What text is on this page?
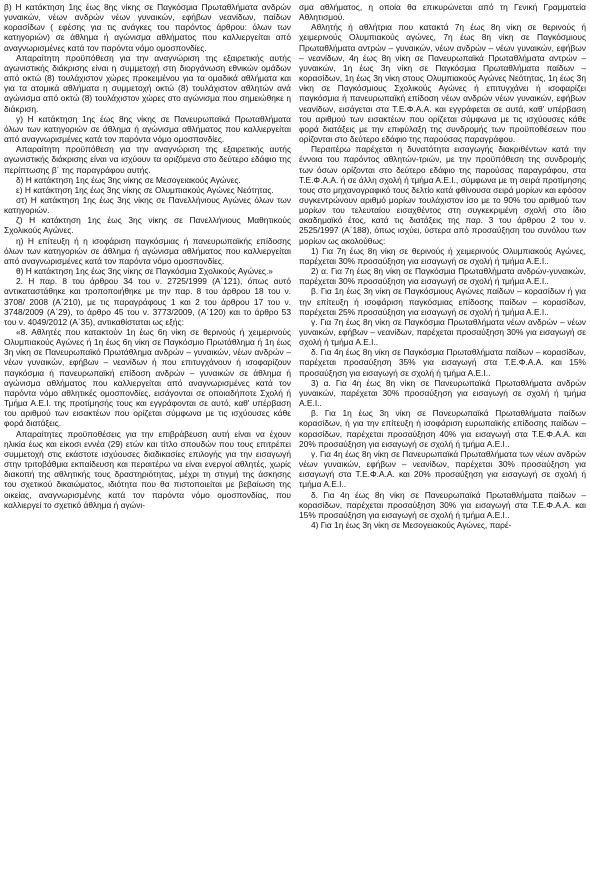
β) Η κατάκτηση 1ης έως 8ης νίκης σε Παγκόσμια Πρωταθλήματα ανδρών γυναικών, νέων ανδρών νέων γυναικών, εφήβων νεανίδων, παίδων κορασίδων ( εφέσης για τις ανάγκες του παρόντος άρθρου: όλων των κατηγοριών) σε άθλημα ή αγώνισμα αθλήματος που καλλιεργείται από αναγνωρισμένες κατά τον παρόντα νόμο ομοσπονδίες.

Απαραίτητη προϋπόθεση για την αναγνώριση της εξαιρετικής αυτής αγωνιστικής διάκρισης είναι η συμμετοχή στη διοργάνωση εθνικών ομάδων από οκτώ (8) τουλάχιστον χώρες προκειμένου για τα ομαδικά αθλήματα και για τα ατομικά αθλήματα η συμμετοχή οκτώ (8) τουλάχιστον αθλητών ανά αγώνισμα από οκτώ (8) τουλάχιστον χώρες στο αγώνισμα που σημειώθηκε η διάκριση.

γ) Η κατάκτηση 1ης έως 8ης νίκης σε Πανευρωπαϊκά Πρωταθλήματα όλων των κατηγοριών σε άθλημα ή αγώνισμα αθλήματος που καλλιεργείται από αναγνωρισμένες κατά τον παρόντα νόμο ομοσπονδίες.

Απαραίτητη προϋπόθεση για την αναγνώριση της εξαιρετικής αυτής αγωνιστικής διάκρισης είναι να ισχύουν τα οριζόμενα στο δεύτερο εδάφιο της περίπτωσης β΄ της παραγράφου αυτής.

δ) Η κατάκτηση 1ης έως 3ης νίκης σε Μεσογειακούς Αγώνες.

ε) Η κατάκτηση 1ης έως 3ης νίκης σε Ολυμπιακούς Αγώνες Νεότητας.

στ) Η κατάκτηση 1ης έως 3ης νίκης σε Πανελλήνιους Αγώνες όλων των κατηγοριών.

ζ) Η κατάκτηση 1ης έως 3ης νίκης σε Πανελλήνιους Μαθητικούς Σχολικούς Αγώνες.

η) Η επίτευξη ή η ισοφάριση παγκόσμιας ή πανευρωπαϊκής επίδοσης όλων των κατηγοριών σε άθλημα ή αγώνισμα αθλήματος που καλλιεργείται από αναγνωρισμένες κατά τον παρόντα νόμο ομοσπονδίες.

θ) Η κατάκτηση 1ης έως 3ης νίκης σε Παγκόσμια Σχολικούς Αγώνες.»

2. Η παρ. 8 του άρθρου 34 του ν. 2725/1999 (Α΄121), όπως αυτό αντικαταστάθηκε και τροποποιήθηκε με την παρ. 8 του άρθρου 18 του ν. 3708/ 2008 (Α΄210), με τις παραγράφους 1 και 2 του άρθρου 17 του ν. 3748/2009 (Α΄29), το άρθρο 45 του ν. 3773/2009, (Α΄120) και το άρθρο 53 του ν. 4049/2012 (Α΄35), αντικαθίσταται ως εξής:

«8. Αθλητές που κατακτούν 1η έως 6η νίκη σε θερινούς ή χειμερινούς Ολυμπιακούς Αγώνες ή 1η έως 6η νίκη σε Παγκόσμιο Πρωτάθλημα ή 1η έως 3η νίκη σε Πανευρωπαϊκό Πρωτάθλημα ανδρών – γυναικών, νέων ανδρών – νέων γυναικών, εφήβων – νεανίδων ή που επιτυγχάνουν ή ισοφαρίζουν παγκόσμια ή πανευρωπαϊκή επίδοση ανδρών – γυναικών σε άθλημα ή αγώνισμα αθλήματος που καλλιεργείται από αναγνωρισμένες κατά τον παρόντα νόμο αθλητικές ομοσπονδίες, εισάγονται σε οποιαδήποτε Σχολή ή Τμήμα Α.Ε.Ι. της προτίμησής τους και εγγράφονται σε αυτό, καθ' υπέρβαση του αριθμού των εισακτέων που ορίζεται σύμφωνα με τις ισχύουσες κάθε φορά διατάξεις.

Απαραίτητες προϋποθέσεις για την επιβράβευση αυτή είναι να έχουν ηλικία έως και είκοσι εννέα (29) ετών και τίτλο σπουδών που τους επιτρέπει συμμετοχή στις εκάστοτε ισχύουσες διαδικασίες επιλογής για την εισαγωγή στην τριτοβάθμια εκπαίδευση και περαιτέρω να είναι ενεργοί αθλητές, χωρίς διακοπή της αθλητικής τους δραστηριότητας, μέχρι τη στιγμή της άσκησης του σχετικού δικαιώματος, ιδιότητα που θα πιστοποιείται με βεβαίωση της οικείας, αναγνωρισμένης κατά τον παρόντα νόμο ομοσπονδίας, που καλλιεργεί το σχετικό άθλημα ή αγώνι-

σμα αθλήματος, η οποία θα επικυρώνεται από τη Γενική Γραμματεία Αθλητισμού.

Αθλητής ή αθλήτρια που κατακτά 7η έως 8η νίκη σε θερινούς ή χειμερινούς Ολυμπιακούς αγώνες, 7η έως 8η νίκη σε Παγκόσμιους Πρωταθλήματα αντρών – γυναικών, νέων ανδρών – νέων γυναικών, εφήβων – νεανίδων, 4η έως 8η νίκη σε Πανευρωπαϊκά Πρωταθλήματα αντρών – γυναικών, 1η έως 3η νίκη σε Παγκόσμια Πρωταθλήματα παίδων – κορασίδων, 1η έως 3η νίκη στους Ολυμπιακούς Αγώνες Νεότητας, 1η έως 3η νίκη σε Παγκόσμιους Σχολικούς Αγώνες ή επιτυγχάνει ή ισοφαρίζει παγκόσμια ή πανευρωπαϊκή επίδοση νέων ανδρών νέων γυναικών, εφήβων νεανίδων, εισάγεται στα Τ.Ε.Φ.Α.Α. και εγγράφεται σε αυτά, καθ' υπέρβαση του αριθμού των εισακτέων που ορίζεται σύμφωνα με τις ισχύουσες κάθε φορά διατάξεις με την επιφύλαξη της συνδρομής των προϋποθέσεων που ορίζονται στο δεύτερο εδάφιο της παρούσας παραγράφου.

Περαιτέρω παρέχεται η δυνατότητα εισαγωγής διακριθέντων κατά την έννοια του παρόντος αθλητών-τριών, με την προϋπόθεση της συνδρομής των όσων ορίζονται στο δεύτερο εδάφιο της παρούσας παραγράφου, στα Τ.Ε.Φ.Α.Α. ή σε άλλη σχολή ή τμήμα Α.Ε.Ι., σύμφωνα με τη σειρά προτίμησης τους στο μηχανογραφικό τους δελτίο κατά φθίνουσα σειρά μορίων και εφόσον συγκεντρώνουν αριθμό μορίων τουλάχιστον ίσο με το 90% του αριθμού των μορίων του τελευταίου εισαχθέντος στη συγκεκριμένη σχολή στο ίδιο ακαδημαϊκό έτος, κατά τις διατάξεις της παρ. 3 του άρθρου 2 του ν. 2525/1997 (Α΄188), όπως ισχύει, ύστερα από προσαύξηση του συνόλου των μορίων ως ακολούθως:

1) Για 7η έως 8η νίκη σε θερινούς ή χειμερινούς Ολυμπιακούς Αγώνες, παρέχεται 30% προσαύξηση για εισαγωγή σε σχολή ή τμήμα Α.Ε.Ι..

2) α. Για 7η έως 8η νίκη σε Παγκόσμια Πρωταθλήματα ανδρών-γυναικών, παρέχεται 30% προσαύξηση για εισαγωγή σε σχολή ή τμήμα Α.Ε.Ι..

β. Για 1η έως 3η νίκη σε Παγκόσμιους Αγώνες παίδων – κορασίδων ή για την επίτευξη ή ισοφάριση παγκόσμιας επίδοσης παίδων – κορασίδων, παρέχεται 25% προσαύξηση για εισαγωγή σε σχολή ή τμήμα Α.Ε.Ι..

γ. Για 7η έως 8η νίκη σε Παγκόσμια Πρωταθλήματα νέων ανδρών – νέων γυναικών, εφήβων – νεανίδων, παρέχεται προσαύξηση 30% για εισαγωγή σε σχολή ή τμήμα Α.Ε.Ι..

δ. Για 4η έως 8η νίκη σε Παγκόσμια Πρωταθλήματα παίδων – κορασίδων, παρέχεται προσαύξηση 35% για εισαγωγή στα Τ.Ε.Φ.Α.Α. και 15% προσαύξηση για εισαγωγή σε σχολή ή τμήμα Α.Ε.Ι..

3) α. Για 4η έως 8η νίκη σε Πανευρωπαϊκά Πρωταθλήματα ανδρών γυναικών, παρέχεται 30% προσαύξηση για εισαγωγή σε σχολή ή τμήμα Α.Ε.Ι..

β. Για 1η έως 3η νίκη σε Πανευρωπαϊκά Πρωταθλήματα παίδων κορασίδων, ή για την επίτευξη ή ισοφάριση ευρωπαϊκής επίδοσης παίδων – κορασίδων, παρέχεται προσαύξηση 40% για εισαγωγή στα Τ.Ε.Φ.Α.Α. και 20% προσαύξηση για εισαγωγή σε σχολή ή τμήμα Α.Ε.Ι..

γ. Για 4η έως 8η νίκη σε Πανευρωπαϊκά Πρωταθλήματα των νέων ανδρών νέων γυναικών, εφήβων – νεανίδων, παρέχεται 30% προσαύξηση για εισαγωγή στα Τ.Ε.Φ.Α.Α. και 20% προσαύξηση για εισαγωγή σε σχολή ή τμήμα Α.Ε.Ι..

δ. Για 4η έως 8η νίκη σε Πανευρωπαϊκά Πρωταθλήματα παίδων – κορασίδων, παρέχεται προσαύξηση 30% για εισαγωγή στα Τ.Ε.Φ.Α.Α. και 15% προσαύξηση για εισαγωγή σε σχολή ή τμήμα Α.Ε.Ι..

4) Για 1η έως 3η νίκη σε Μεσογειακούς Αγώνες, παρέ-
